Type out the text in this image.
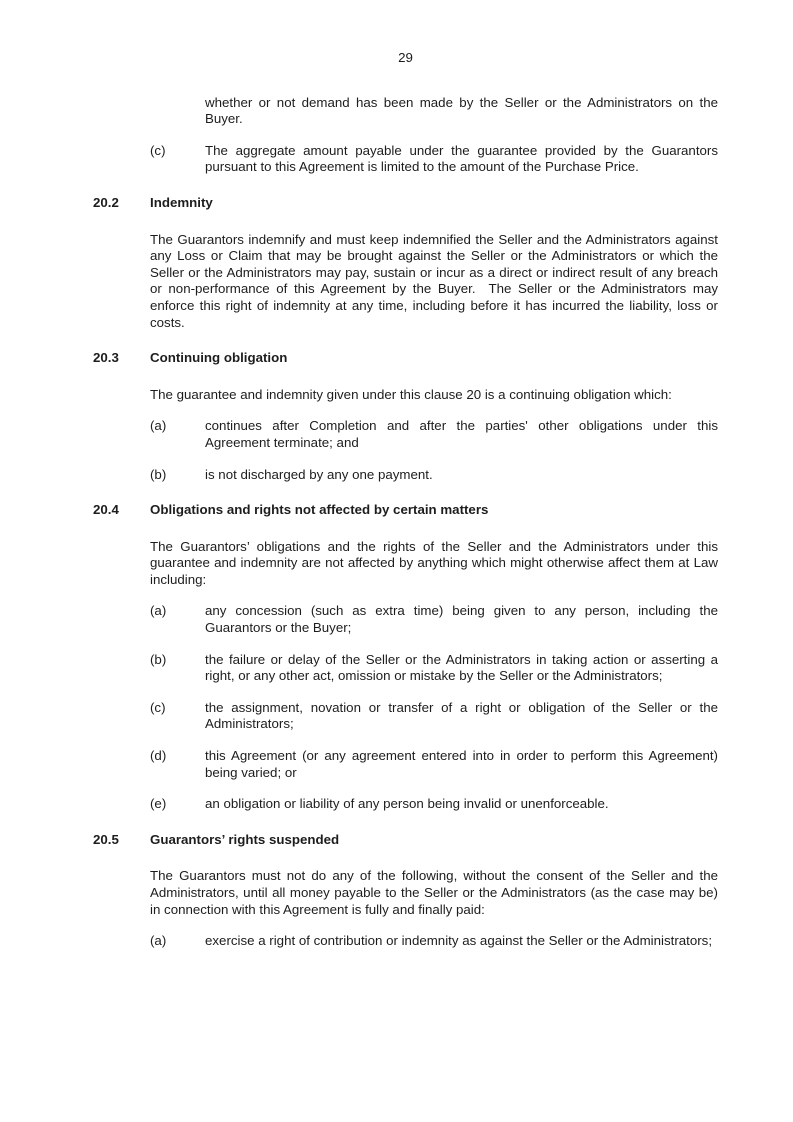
29
whether or not demand has been made by the Seller or the Administrators on the Buyer.
(c)	The aggregate amount payable under the guarantee provided by the Guarantors pursuant to this Agreement is limited to the amount of the Purchase Price.
20.2	Indemnity
The Guarantors indemnify and must keep indemnified the Seller and the Administrators against any Loss or Claim that may be brought against the Seller or the Administrators or which the Seller or the Administrators may pay, sustain or incur as a direct or indirect result of any breach or non-performance of this Agreement by the Buyer.  The Seller or the Administrators may enforce this right of indemnity at any time, including before it has incurred the liability, loss or costs.
20.3	Continuing obligation
The guarantee and indemnity given under this clause 20 is a continuing obligation which:
(a)	continues after Completion and after the parties' other obligations under this Agreement terminate; and
(b)	is not discharged by any one payment.
20.4	Obligations and rights not affected by certain matters
The Guarantors’ obligations and the rights of the Seller and the Administrators under this guarantee and indemnity are not affected by anything which might otherwise affect them at Law including:
(a)	any concession (such as extra time) being given to any person, including the Guarantors or the Buyer;
(b)	the failure or delay of the Seller or the Administrators in taking action or asserting a right, or any other act, omission or mistake by the Seller or the Administrators;
(c)	the assignment, novation or transfer of a right or obligation of the Seller or the Administrators;
(d)	this Agreement (or any agreement entered into in order to perform this Agreement) being varied; or
(e)	an obligation or liability of any person being invalid or unenforceable.
20.5	Guarantors’ rights suspended
The Guarantors must not do any of the following, without the consent of the Seller and the Administrators, until all money payable to the Seller or the Administrators (as the case may be) in connection with this Agreement is fully and finally paid:
(a)	exercise a right of contribution or indemnity as against the Seller or the Administrators;
